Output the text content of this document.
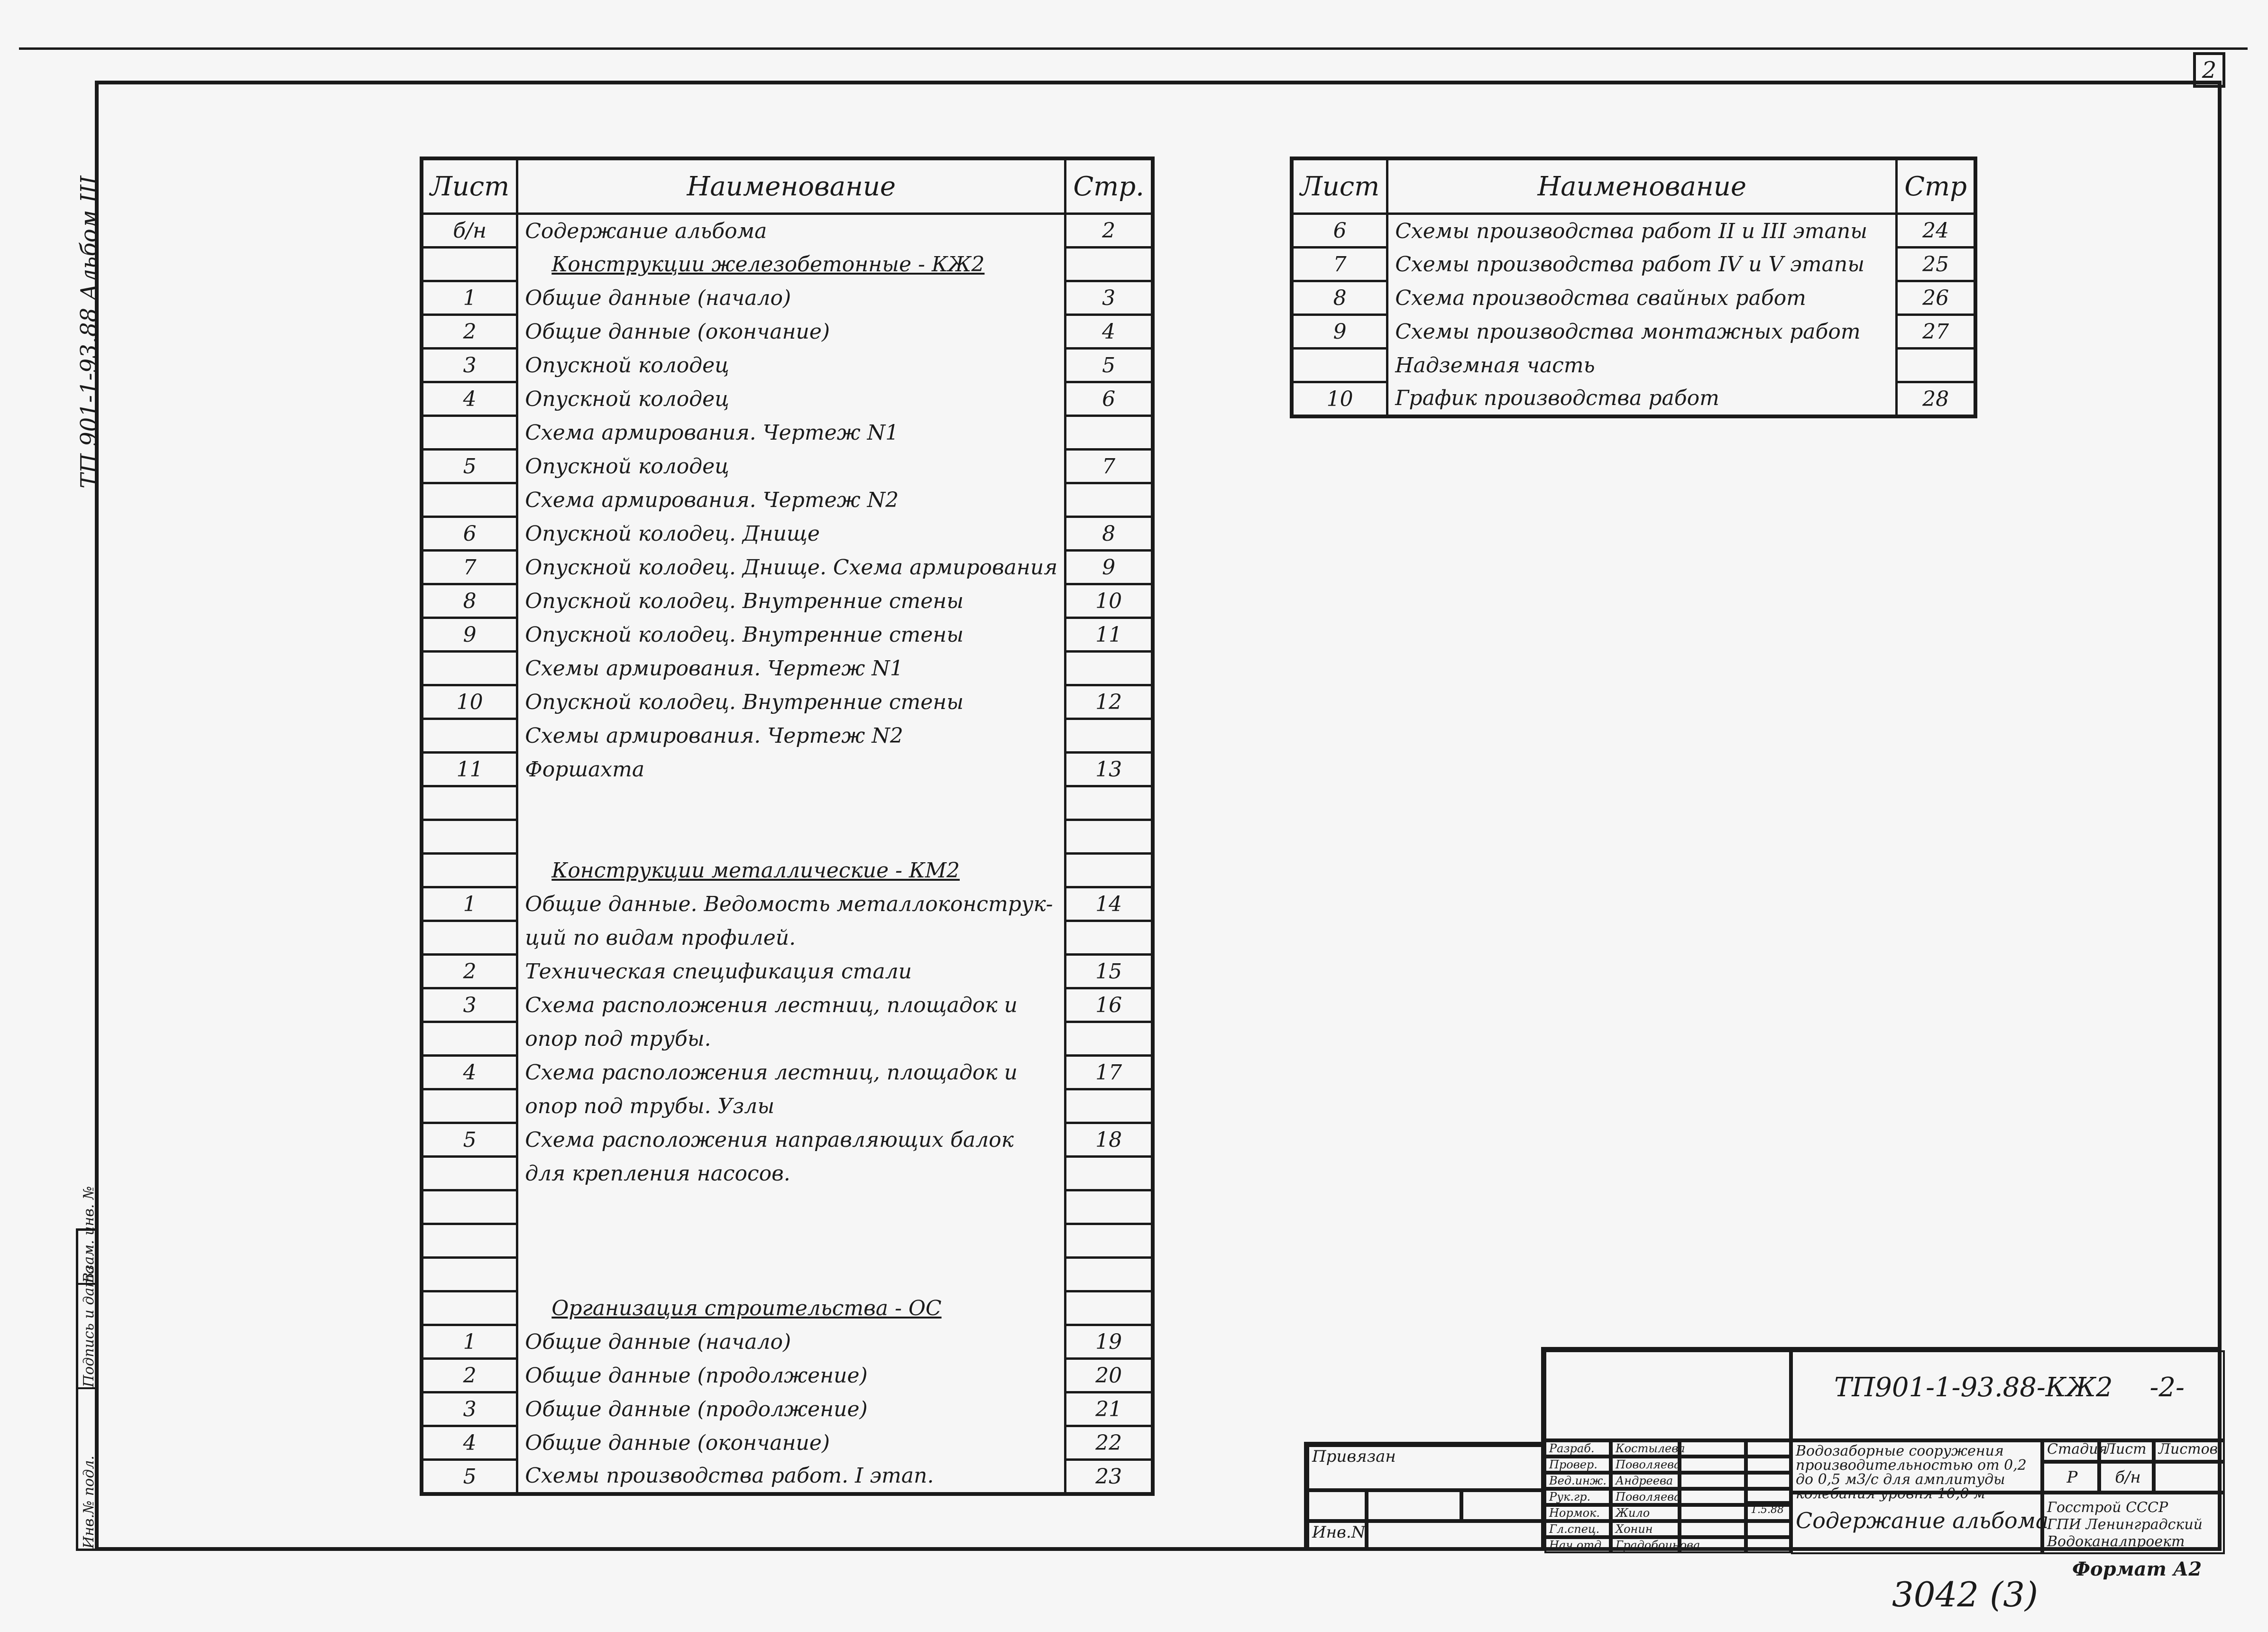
2
ТП 901-1-93.88 Альбом III
Взам. инв. №
Подпись и дата
Инв.№ подл.
Лист	Наименование	Стр.
б/н	Содержание альбома	2
	Конструкции железобетонные - КЖ2	
1	Общие данные (начало)	3
2	Общие данные (окончание)	4
3	Опускной колодец	5
4	Опускной колодец	6
	Схема армирования. Чертеж N1	
5	Опускной колодец	7
	Схема армирования. Чертеж N2	
6	Опускной колодец. Днище	8
7	Опускной колодец. Днище. Схема армирования	9
8	Опускной колодец. Внутренние стены	10
9	Опускной колодец. Внутренние стены	11
	Схемы армирования. Чертеж N1	
10	Опускной колодец. Внутренние стены	12
	Схемы армирования. Чертеж N2	
11	Форшахта	13

	Конструкции металлические - КМ2	
1	Общие данные. Ведомость металлоконструк-	14
	ций по видам профилей.	
2	Техническая спецификация стали	15
3	Схема расположения лестниц, площадок и	16
	опор под трубы.	
4	Схема расположения лестниц, площадок и	17
	опор под трубы. Узлы	
5	Схема расположения направляющих балок	18
	для крепления насосов.	

	Организация строительства - ОС	
1	Общие данные (начало)	19
2	Общие данные (продолжение)	20
3	Общие данные (продолжение)	21
4	Общие данные (окончание)	22
5	Схемы производства работ. I этап.	23
Лист	Наименование	Стр
6	Схемы производства работ II и III этапы	24
7	Схемы производства работ IV и V этапы	25
8	Схема производства свайных работ	26
9	Схемы производства монтажных работ	27
	Надземная часть	
10	График производства работ	28
ТП901-1-93.88-КЖ2 -2-
Водозаборные сооружения производительностью от 0,2 до 0,5 м3/с для амплитуды колебания уровня 10,0 м
Содержание альбома
Стадия
Лист Листов
Р	б/н
Госстрой СССР
ГПИ Ленинградский
Водоканалпроект
Разраб.	Костылева
Провер.	Поволяева
Вед.инж. Андреева
Рук.гр.	Поволяева
Нормок.	Жило
Гл.спец.	Хонин
Нач.отд. Градобоинова
1.5.88
Привязан
Инв.N
Формат А2
3042 (3)
